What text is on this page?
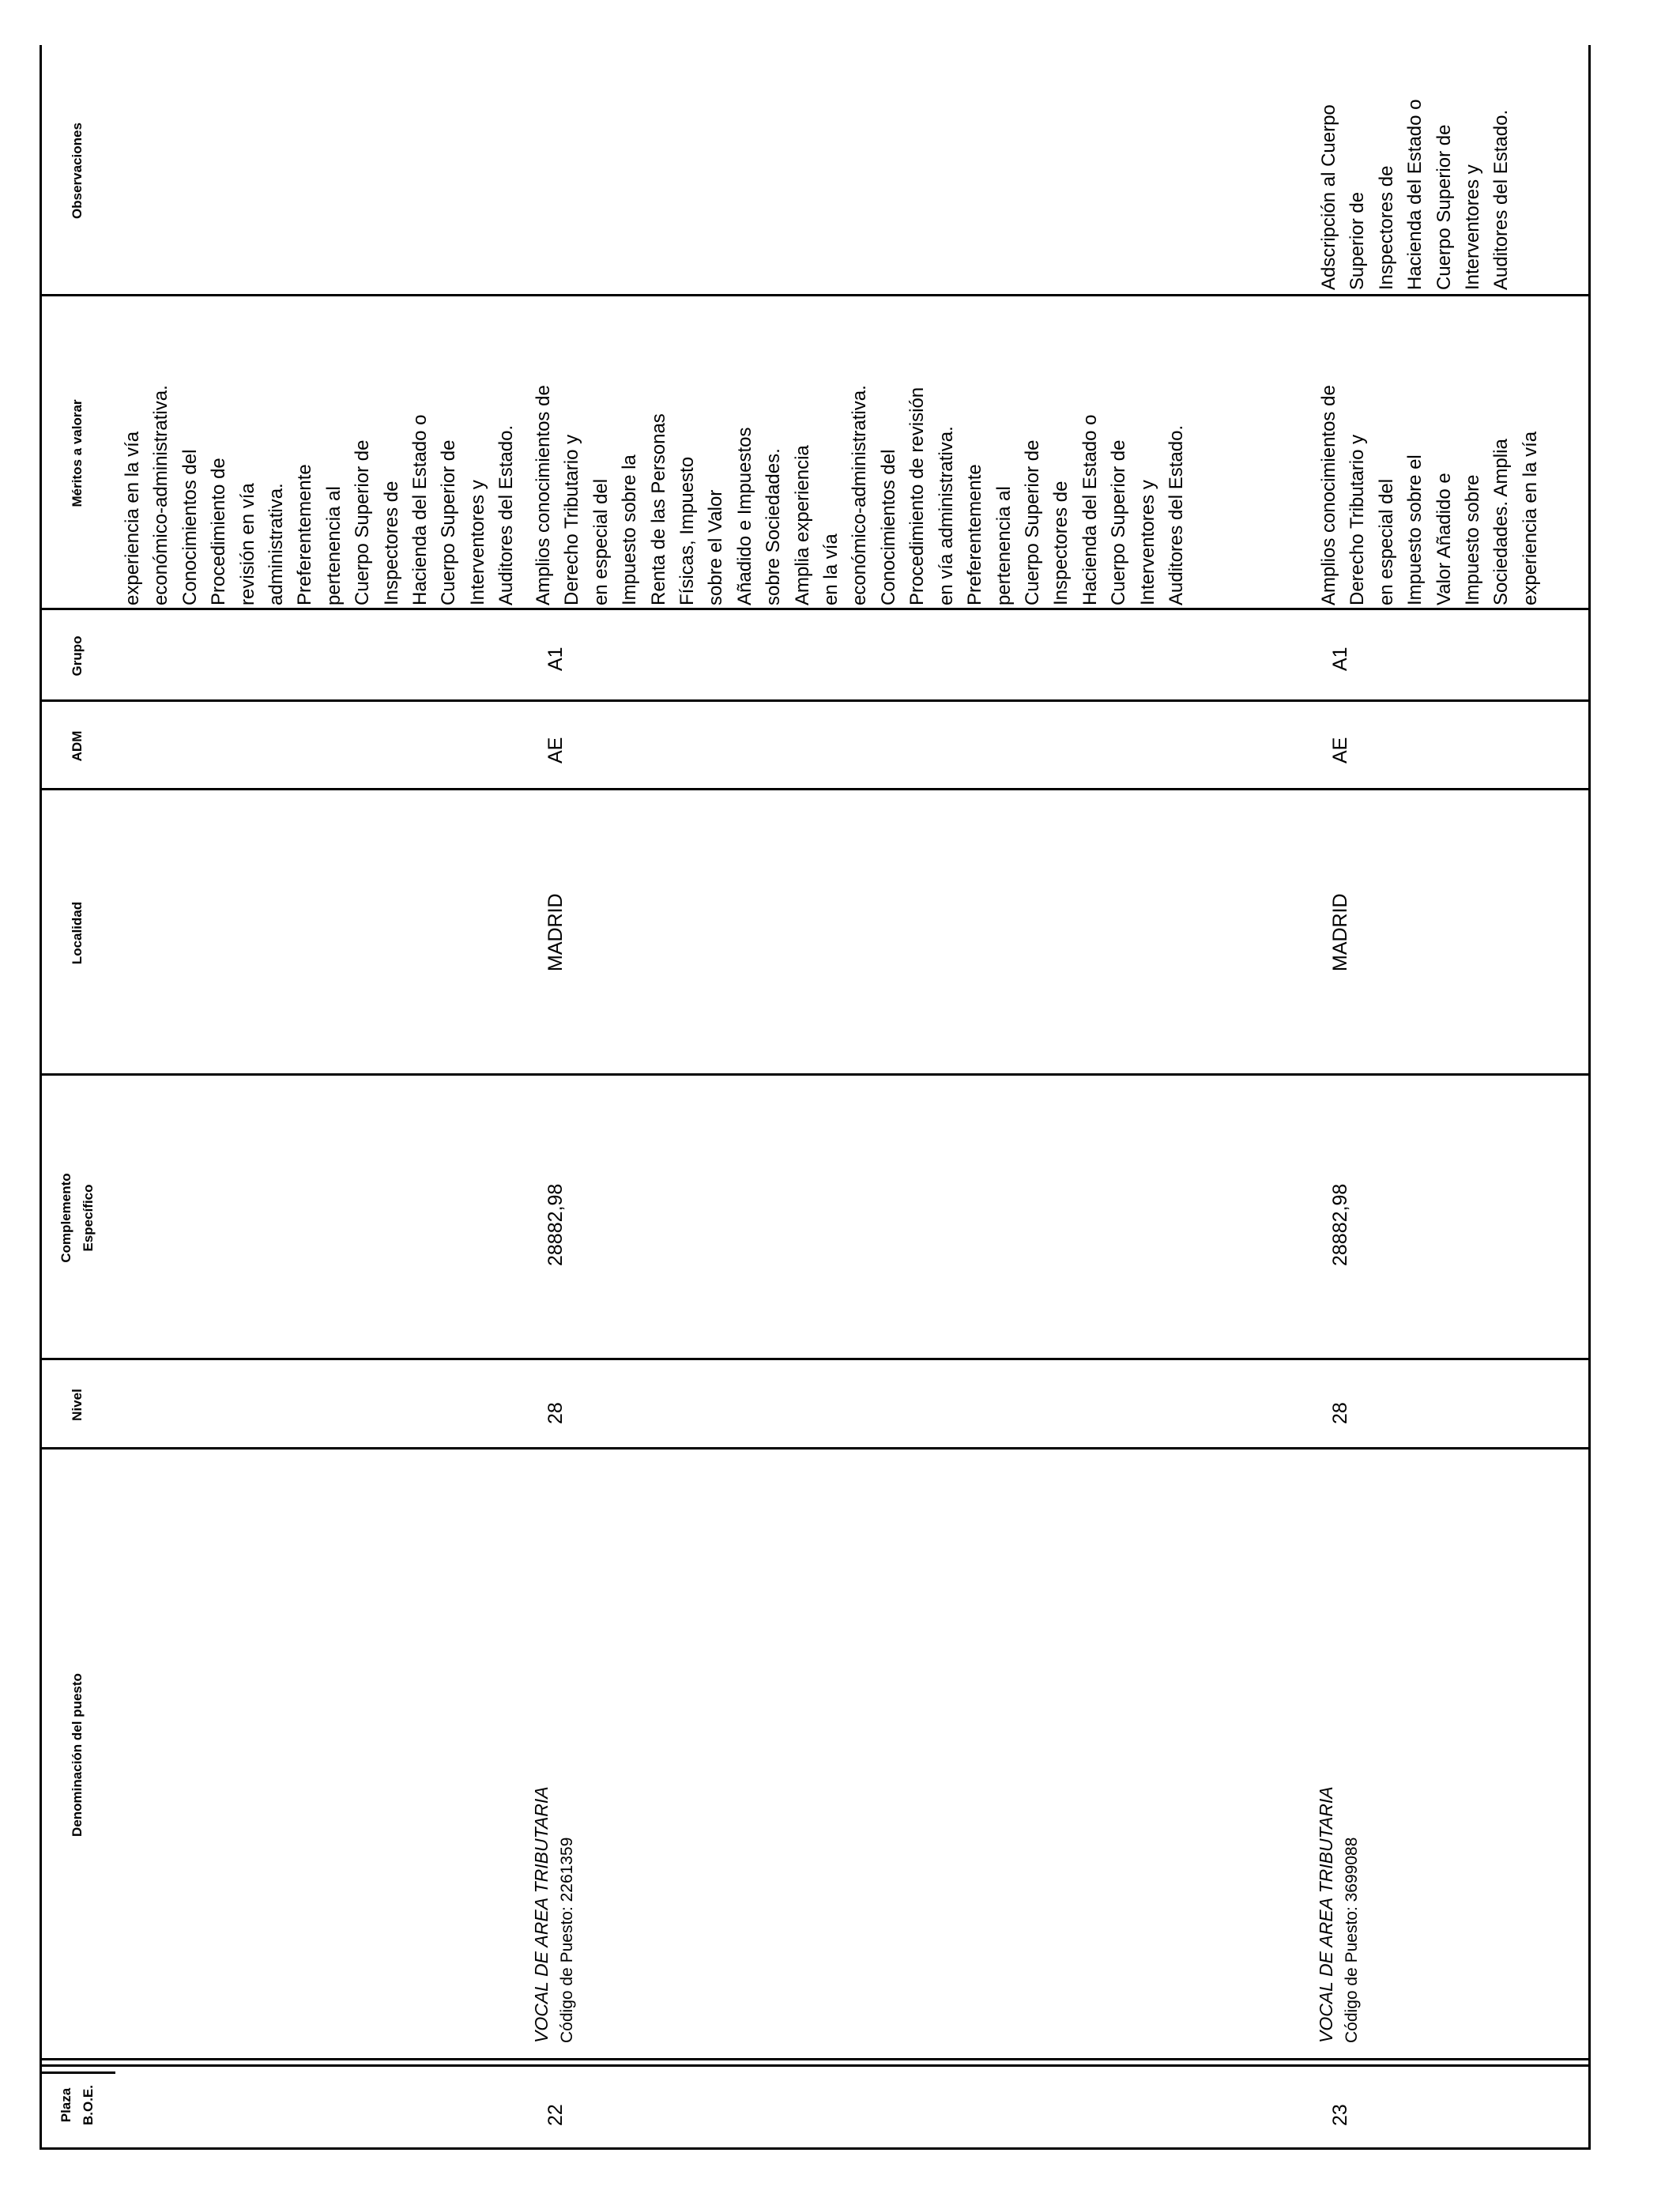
Plaza
B.O.E.
Denominación del puesto
Nivel
Complemento
Específico
Localidad
ADM
Grupo
Méritos a valorar
Observaciones
experiencia en la vía
económico-administrativa.
Conocimientos del
Procedimiento de
revisión en vía
administrativa.
Preferentemente
pertenencia al
Cuerpo Superior de
Inspectores de
Hacienda del Estado o
Cuerpo Superior de
Interventores y
Auditores del Estado.
22
VOCAL DE AREA TRIBUTARIA Código de Puesto: 2261359
28
28882,98
MADRID
AE
A1
Amplios conocimientos de
Derecho Tributario y
en especial del
Impuesto sobre la
Renta de las Personas
Físicas, Impuesto
sobre el Valor
Añadido e Impuestos
sobre Sociedades.
Amplia experiencia
en la vía
económico-administrativa.
Conocimientos del
Procedimiento de revisión
en vía administrativa.
Preferentemente
pertenencia al
Cuerpo Superior de
Inspectores de
Hacienda del Estado o
Cuerpo Superior de
Interventores y
Auditores del Estado.
23
VOCAL DE AREA TRIBUTARIA Código de Puesto: 3699088
28
28882,98
MADRID
AE
A1
Amplios conocimientos de
Derecho Tributario y
en especial del
Impuesto sobre el
Valor Añadido e
Impuesto sobre
Sociedades. Amplia
experiencia en la vía
Adscripción al Cuerpo
Superior de
Inspectores de
Hacienda del Estado o
Cuerpo Superior de
Interventores y
Auditores del Estado.
